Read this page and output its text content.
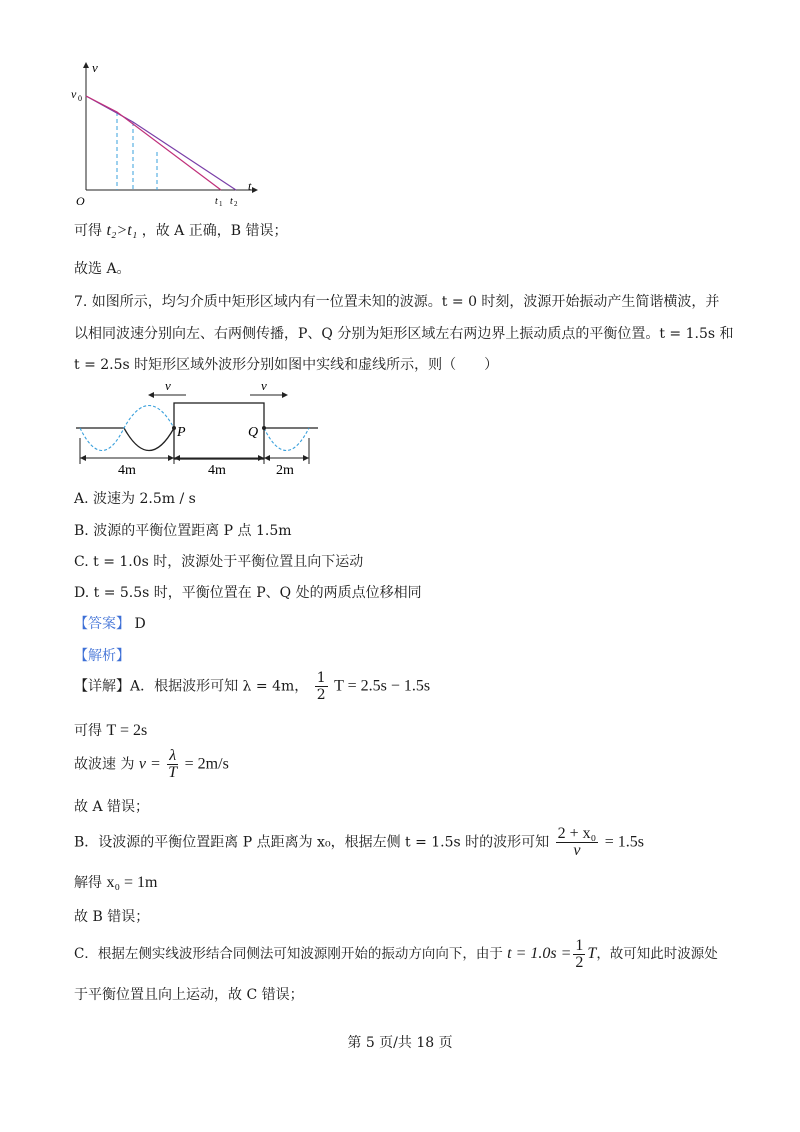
v
v 0
O
t
t 1 t 2
可得 t₂>t₁ ，故 A 正确，B 错误；
故选 A。
7. 如图所示，均匀介质中矩形区域内有一位置未知的波源。t = 0 时刻，波源开始振动产生简谐横波，并
以相同波速分别向左、右两侧传播，P、Q 分别为矩形区域左右两边界上振动质点的平衡位置。t = 1.5s 和
t = 2.5s 时矩形区域外波形分别如图中实线和虚线所示，则（　　）
P	Q
v	v
4m	4m	2m
A. 波速为 2.5m / s
B. 波源的平衡位置距离 P 点 1.5m
C. t = 1.0s 时，波源处于平衡位置且向下运动
D. t = 5.5s 时，平衡位置在 P、Q 处的两质点位移相同
【答案】 D
【解析】
【详解】A．根据波形可知 λ = 4m， $\frac{1}{2}$ T = 2.5s − 1.5s
可得 T = 2s
故波速 为 $v = \frac{\lambda}{T} = 2m/s$
故 A 错误；
B．设波源的平衡位置距离 P 点距离为 x₀，根据左侧 t = 1.5s 时的波形可知 $\frac{\text{2 + x₀}}{v} = 1.5s$
解得 x₀ = 1m
故 B 错误；
C．根据左侧实线波形结合同侧法可知波源刚开始的振动方向向下，由于 $t = 1.0s = \frac{1}{2}$ T，故可知此时波源处
于平衡位置且向上运动，故 C 错误；
第 5 页/共 18 页
